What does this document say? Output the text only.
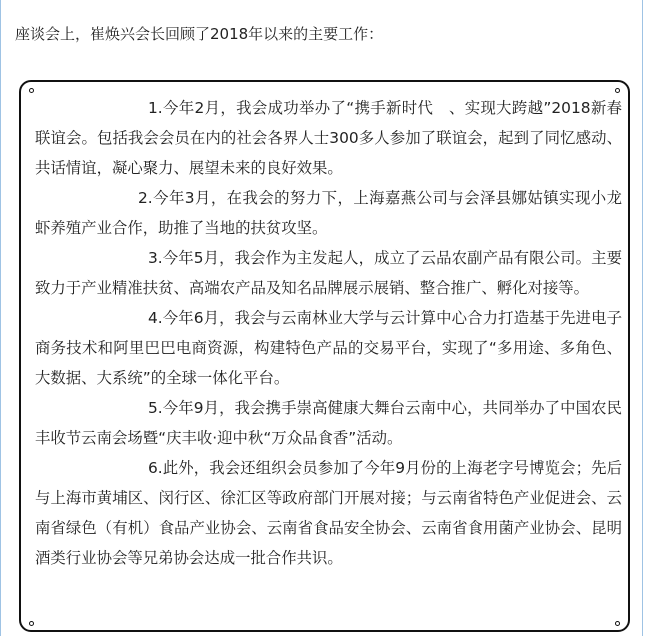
座谈会上，崔焕兴会长回顾了2018年以来的主要工作：

1.今年2月，我会成功举办了“携手新时代　、实现大跨越”2018新春联谊会。包括我会会员在内的社会各界人士300多人参加了联谊会，起到了同忆感动、共话情谊，凝心聚力、展望未来的良好效果。

2.今年3月，在我会的努力下，上海嘉燕公司与会泽县娜姑镇实现小龙虾养殖产业合作，助推了当地的扶贫攻坚。

3.今年5月，我会作为主发起人，成立了云品农副产品有限公司。主要致力于产业精准扶贫、高端农产品及知名品牌展示展销、整合推广、孵化对接等。

4.今年6月，我会与云南林业大学与云计算中心合力打造基于先进电子商务技术和阿里巴巴电商资源，构建特色产品的交易平台，实现了“多用途、多角色、大数据、大系统”的全球一体化平台。

5.今年9月，我会携手崇高健康大舞台云南中心，共同举办了中国农民丰收节云南会场暨“庆丰收·迎中秋“万众品食香”活动。

6.此外，我会还组织会员参加了今年9月份的上海老字号博览会；先后与上海市黄埔区、闵行区、徐汇区等政府部门开展对接；与云南省特色产业促进会、云南省绿色（有机）食品产业协会、云南省食品安全协会、云南省食用菌产业协会、昆明酒类行业协会等兄弟协会达成一批合作共识。
